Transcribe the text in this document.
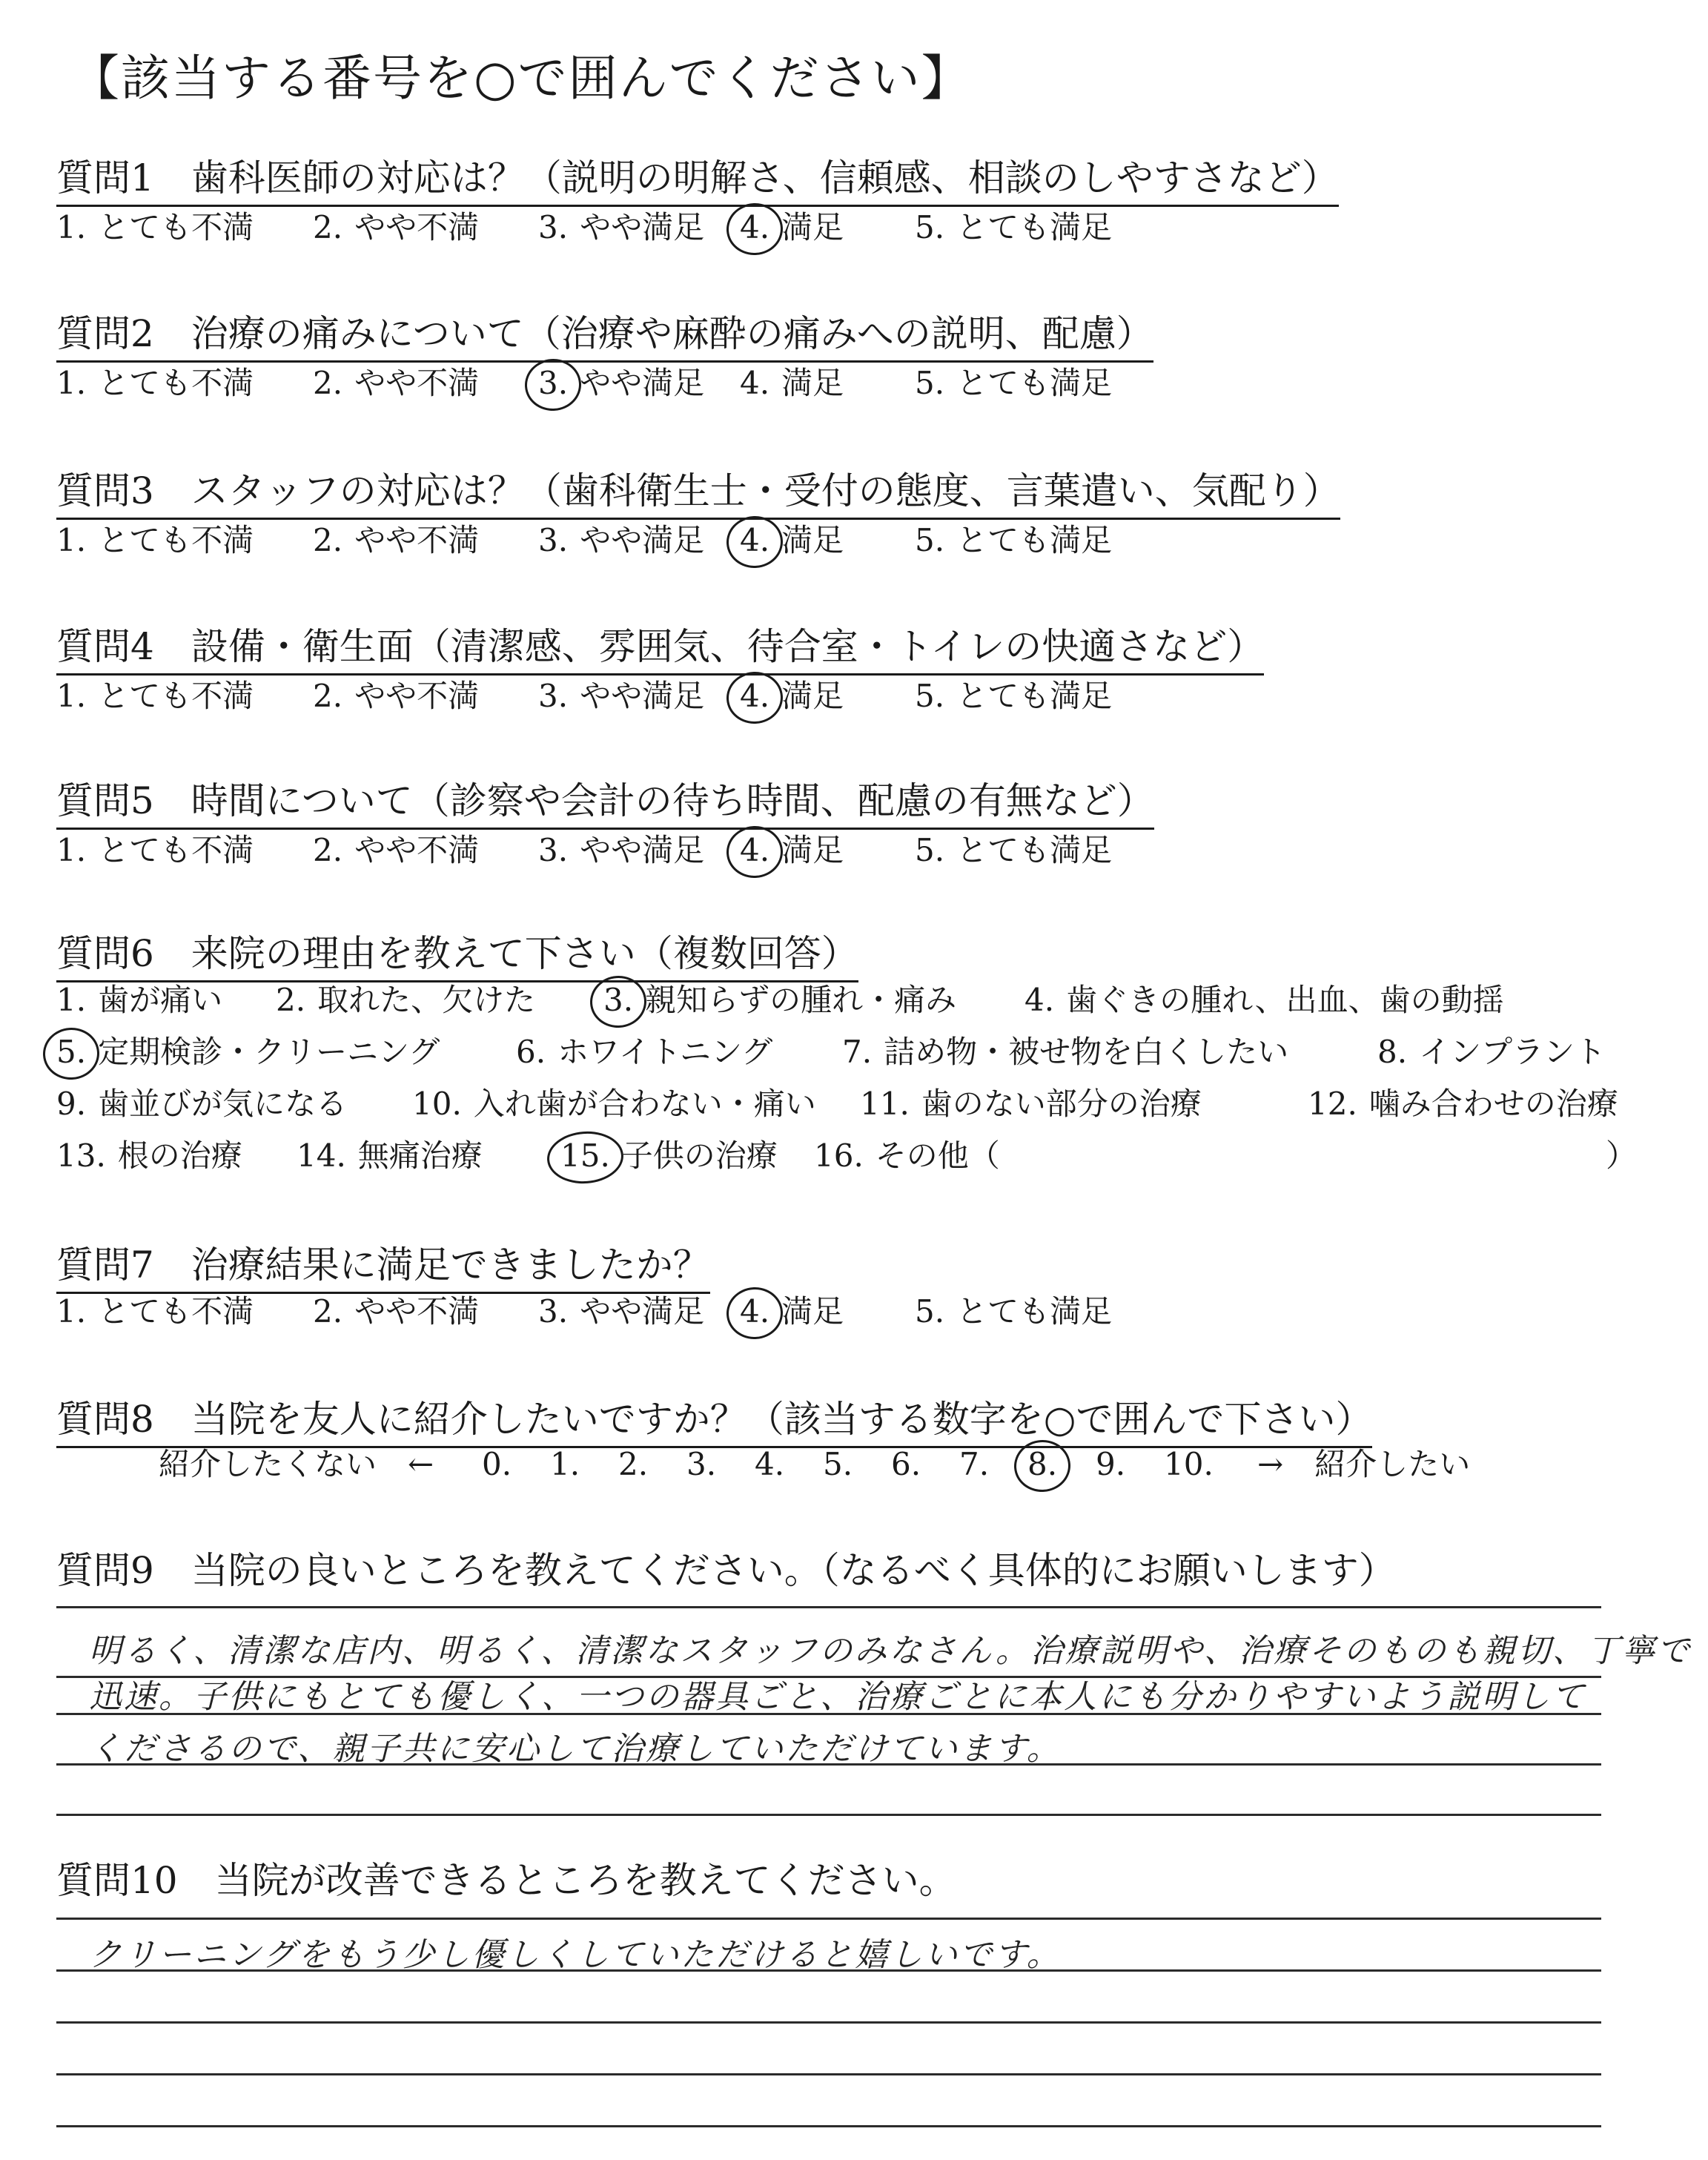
【該当する番号を○で囲んでください】
質問1　歯科医師の対応は？（説明の明解さ、信頼感、相談のしやすさなど）
1. とても不満 2. やや不満 3. やや満足 4. 満足 5. とても満足
質問2　治療の痛みについて（治療や麻酔の痛みへの説明、配慮）
1. とても不満 2. やや不満 3. やや満足 4. 満足 5. とても満足
質問3　スタッフの対応は？（歯科衛生士・受付の態度、言葉遣い、気配り）
1. とても不満 2. やや不満 3. やや満足 4. 満足 5. とても満足
質問4　設備・衛生面（清潔感、雰囲気、待合室・トイレの快適さなど）
1. とても不満 2. やや不満 3. やや満足 4. 満足 5. とても満足
質問5　時間について（診察や会計の待ち時間、配慮の有無など）
1. とても不満 2. やや不満 3. やや満足 4. 満足 5. とても満足
質問6　来院の理由を教えて下さい（複数回答）
1. 歯が痛い 2. 取れた、欠けた 3. 親知らずの腫れ・痛み 4. 歯ぐきの腫れ、出血、歯の動揺
5. 定期検診・クリーニング 6. ホワイトニング 7. 詰め物・被せ物を白くしたい	8. インプラント
9. 歯並びが気になる 10. 入れ歯が合わない・痛い 11. 歯のない部分の治療	12. 噛み合わせの治療
13. 根の治療 14. 無痛治療	15. 子供の治療 16. その他（	）
質問7　治療結果に満足できましたか？
1. とても不満 2. やや不満 3. やや満足 4. 満足 5. とても満足
質問8　当院を友人に紹介したいですか？（該当する数字を○で囲んで下さい）
紹介したくない　← 0.	1.	2.	3.	4.	5.	6.	7.	8.	9.	10.	→　紹介したい
質問9　当院の良いところを教えてください。（なるべく具体的にお願いします）
明るく、清潔な店内、明るく、清潔なスタッフのみなさん。治療説明や、治療そのものも親切、丁寧で
迅速。子供にもとても優しく、一つの器具ごと、治療ごとに本人にも分かりやすいよう説明して
くださるので、親子共に安心して治療していただけています。
質問10　当院が改善できるところを教えてください。
クリーニングをもう少し優しくしていただけると嬉しいです。
